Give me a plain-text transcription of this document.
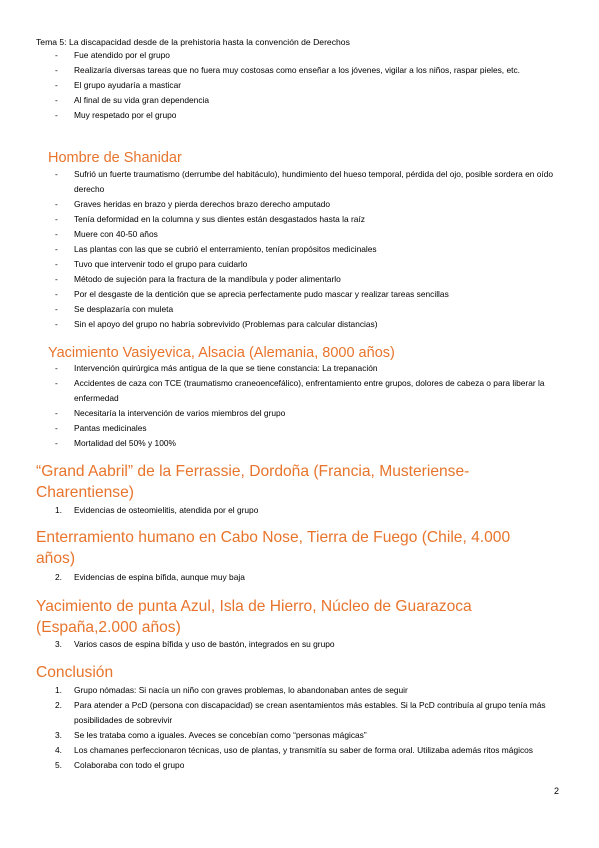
Tema 5: La discapacidad desde de la prehistoria hasta la convención de Derechos
- Fue atendido por el grupo
- Realizaría diversas tareas que no fuera muy costosas como enseñar a los jóvenes, vigilar a los niños, raspar pieles, etc.
- El grupo ayudaría a masticar
- Al final de su vida gran dependencia
- Muy respetado por el grupo
Hombre de Shanidar
- Sufrió un fuerte traumatismo (derrumbe del habitáculo), hundimiento del hueso temporal, pérdida del ojo, posible sordera en oído derecho
- Graves heridas en brazo y pierda derechos brazo derecho amputado
- Tenía deformidad en la columna y sus dientes están desgastados hasta la raíz
- Muere con 40-50 años
- Las plantas con las que se cubrió el enterramiento, tenían propósitos medicinales
- Tuvo que intervenir todo el grupo para cuidarlo
- Método de sujeción para la fractura de la mandíbula y poder alimentarlo
- Por el desgaste de la dentición que se aprecia perfectamente pudo mascar y realizar tareas sencillas
- Se desplazaría con muleta
- Sin el apoyo del grupo no habría sobrevivido (Problemas para calcular distancias)
Yacimiento Vasiyevica, Alsacia (Alemania, 8000 años)
- Intervención quirúrgica más antigua de la que se tiene constancia: La trepanación
- Accidentes de caza con TCE (traumatismo craneoencefálico), enfrentamiento entre grupos, dolores de cabeza o para liberar la enfermedad
- Necesitaría la intervención de varios miembros del grupo
- Pantas medicinales
- Mortalidad del 50% y 100%
“Grand Aabril” de la Ferrassie, Dordoña (Francia, Musteriense-
Charentiense)
1. Evidencias de osteomielitis, atendida por el grupo
Enterramiento humano en Cabo Nose, Tierra de Fuego (Chile, 4.000
años)
2. Evidencias de espina bífida, aunque muy baja
Yacimiento de punta Azul, Isla de Hierro, Núcleo de Guarazoca
(España,2.000 años)
3. Varios casos de espina bífida y uso de bastón, integrados en su grupo
Conclusión
1. Grupo nómadas: Si nacía un niño con graves problemas, lo abandonaban antes de seguir
2. Para atender a PcD (persona con discapacidad) se crean asentamientos más estables. Si la PcD contribuía al grupo tenía más posibilidades de sobrevivir
3. Se les trataba como a iguales. Aveces se concebían como “personas mágicas”
4. Los chamanes perfeccionaron técnicas, uso de plantas, y transmitía su saber de forma oral. Utilizaba además ritos mágicos
5. Colaboraba con todo el grupo
2
